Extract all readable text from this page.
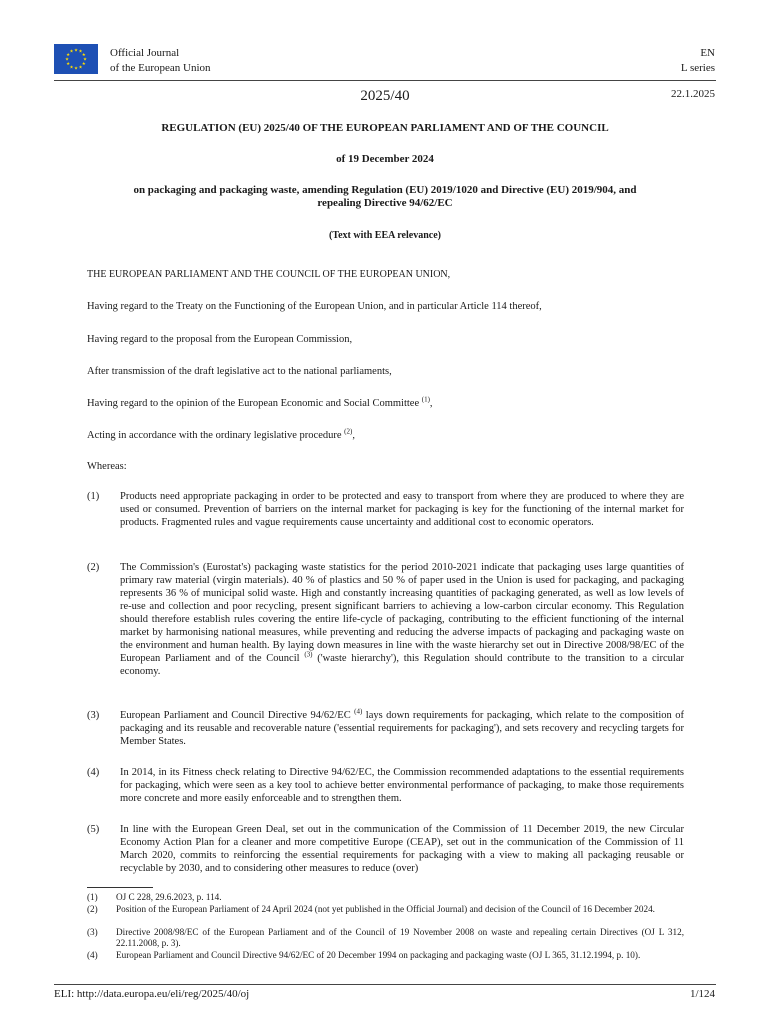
★ ★
★
★
★
★
★
★
★
★
★
★	Official Journal
of the European Union
EN
L series
2025/40	22.1.2025
REGULATION (EU) 2025/40 OF THE EUROPEAN PARLIAMENT AND OF THE COUNCIL
of 19 December 2024
on packaging and packaging waste, amending Regulation (EU) 2019/1020 and Directive (EU) 2019/904, and repealing Directive 94/62/EC
(Text with EEA relevance)
THE EUROPEAN PARLIAMENT AND THE COUNCIL OF THE EUROPEAN UNION,
Having regard to the Treaty on the Functioning of the European Union, and in particular Article 114 thereof,
Having regard to the proposal from the European Commission,
After transmission of the draft legislative act to the national parliaments,
Having regard to the opinion of the European Economic and Social Committee $^{(1)}$,
Acting in accordance with the ordinary legislative procedure $^{(2)}$,
Whereas:
(1) Products need appropriate packaging in order to be protected and easy to transport from where they are produced to where they are used or consumed. Prevention of barriers on the internal market for packaging is key for the functioning of the internal market for products. Fragmented rules and vague requirements cause uncertainty and additional cost to economic operators.
(2) The Commission's (Eurostat's) packaging waste statistics for the period 2010-2021 indicate that packaging uses large quantities of primary raw material (virgin materials). 40 % of plastics and 50 % of paper used in the Union is used for packaging, and packaging represents 36 % of municipal solid waste. High and constantly increasing quantities of packaging generated, as well as low levels of re-use and collection and poor recycling, present significant barriers to achieving a low-carbon circular economy. This Regulation should therefore establish rules covering the entire life-cycle of packaging, contributing to the efficient functioning of the internal market by harmonising national measures, while preventing and reducing the adverse impacts of packaging and packaging waste on the environment and human health. By laying down measures in line with the waste hierarchy set out in Directive 2008/98/EC of the European Parliament and of the Council $^{(3)}$ ('waste hierarchy'), this Regulation should contribute to the transition to a circular economy.
(3) European Parliament and Council Directive 94/62/EC $^{(4)}$ lays down requirements for packaging, which relate to the composition of packaging and its reusable and recoverable nature ('essential requirements for packaging'), and sets recovery and recycling targets for Member States.
(4) In 2014, in its Fitness check relating to Directive 94/62/EC, the Commission recommended adaptations to the essential requirements for packaging, which were seen as a key tool to achieve better environmental performance of packaging, to make those requirements more concrete and more easily enforceable and to strengthen them.
(5) In line with the European Green Deal, set out in the communication of the Commission of 11 December 2019, the new Circular Economy Action Plan for a cleaner and more competitive Europe (CEAP), set out in the communication of the Commission of 11 March 2020, commits to reinforcing the essential requirements for packaging with a view to making all packaging reusable or recyclable by 2030, and to considering other measures to reduce (over)
(1) OJ C 228, 29.6.2023, p. 114.
(2) Position of the European Parliament of 24 April 2024 (not yet published in the Official Journal) and decision of the Council of 16 December 2024.
(3) Directive 2008/98/EC of the European Parliament and of the Council of 19 November 2008 on waste and repealing certain Directives (OJ L 312, 22.11.2008, p. 3).
(4) European Parliament and Council Directive 94/62/EC of 20 December 1994 on packaging and packaging waste (OJ L 365, 31.12.1994, p. 10).
ELI: http://data.europa.eu/eli/reg/2025/40/oj	1/124
